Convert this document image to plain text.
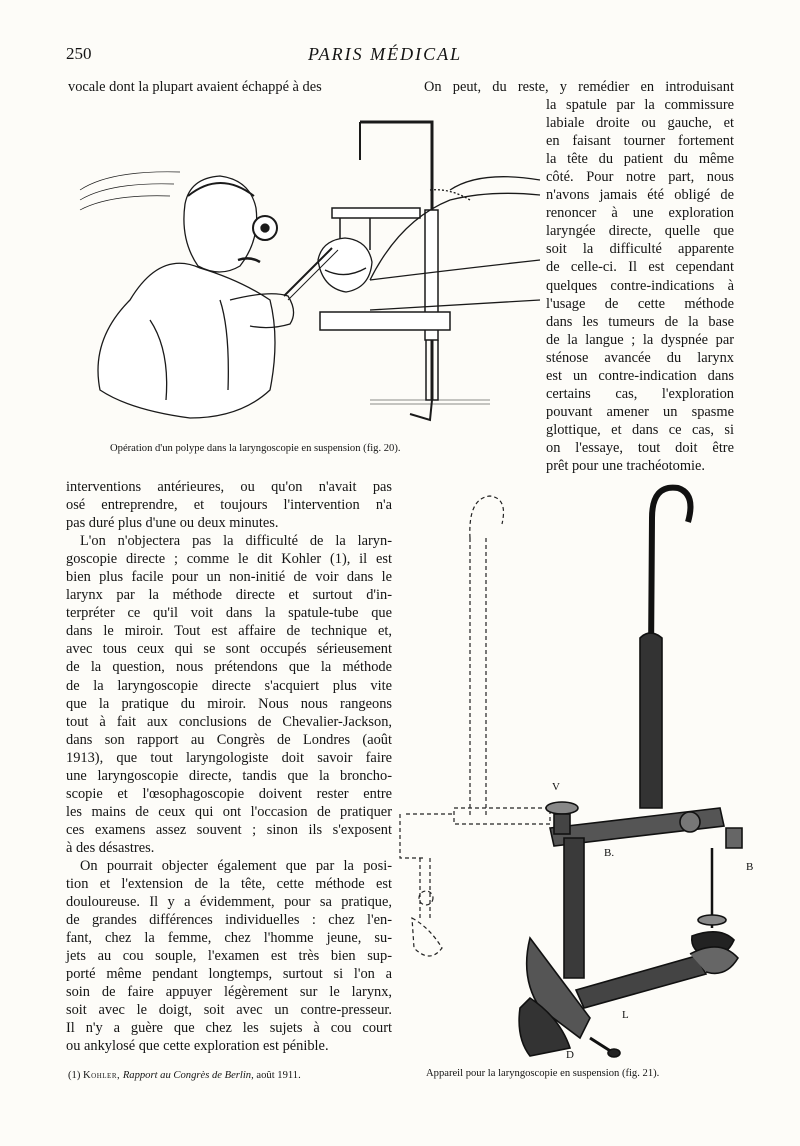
250	PARIS MÉDICAL
vocale dont la plupart avaient échappé à des
Opération d'un polype dans la laryngoscopie en suspension (fig. 20).
On peut, du reste, y remédier en introduisant
la spatule par la commissure
labiale droite ou gauche, et
en faisant tourner fortement
la tête du patient du même
côté. Pour notre part, nous
n'avons jamais été obligé de
renoncer à une exploration
laryngée directe, quelle que
soit la difficulté apparente
de celle-ci. Il est cependant
quelques contre-indications à
l'usage de cette méthode
dans les tumeurs de la base
de la langue ; la dyspnée par
sténose avancée du larynx
est un contre-indication dans
certains cas, l'exploration
pouvant amener un spasme
glottique, et dans ce cas, si
on l'essaye, tout doit être
prêt pour une trachéotomie.
interventions antérieures, ou qu'on n'avait pas
osé entreprendre, et toujours l'intervention n'a
pas duré plus d'une ou deux minutes.
L'on n'objectera pas la difficulté de la laryn-
goscopie directe ; comme le dit Kohler (1), il est
bien plus facile pour un non-initié de voir dans le
larynx par la méthode directe et surtout d'in-
terpréter ce qu'il voit dans la spatule-tube que
dans le miroir. Tout est affaire de technique et,
avec tous ceux qui se sont occupés sérieusement
de la question, nous prétendons que la méthode
de la laryngoscopie directe s'acquiert plus vite
que la pratique du miroir. Nous nous rangeons
tout à fait aux conclusions de Chevalier-Jackson,
dans son rapport au Congrès de Londres (août
1913), que tout laryngologiste doit savoir faire
une laryngoscopie directe, tandis que la broncho-
scopie et l'œsophagoscopie doivent rester entre
les mains de ceux qui ont l'occasion de pratiquer
ces examens assez souvent ; sinon ils s'exposent
à des désastres.
On pourrait objecter également que par la posi-
tion et l'extension de la tête, cette méthode est
douloureuse. Il y a évidemment, pour sa pratique,
de grandes différences individuelles : chez l'en-
fant, chez la femme, chez l'homme jeune, su-
jets au cou souple, l'examen est très bien sup-
porté même pendant longtemps, surtout si l'on a
soin de faire appuyer légèrement sur le larynx,
soit avec le doigt, soit avec un contre-presseur.
Il n'y a guère que chez les sujets à cou court
ou ankylosé que cette exploration est pénible.
V
B.
B
L
D
Appareil pour la laryngoscopie en suspension (fig. 21).
(1) Kohler, Rapport au Congrès de Berlin, août 1911.
